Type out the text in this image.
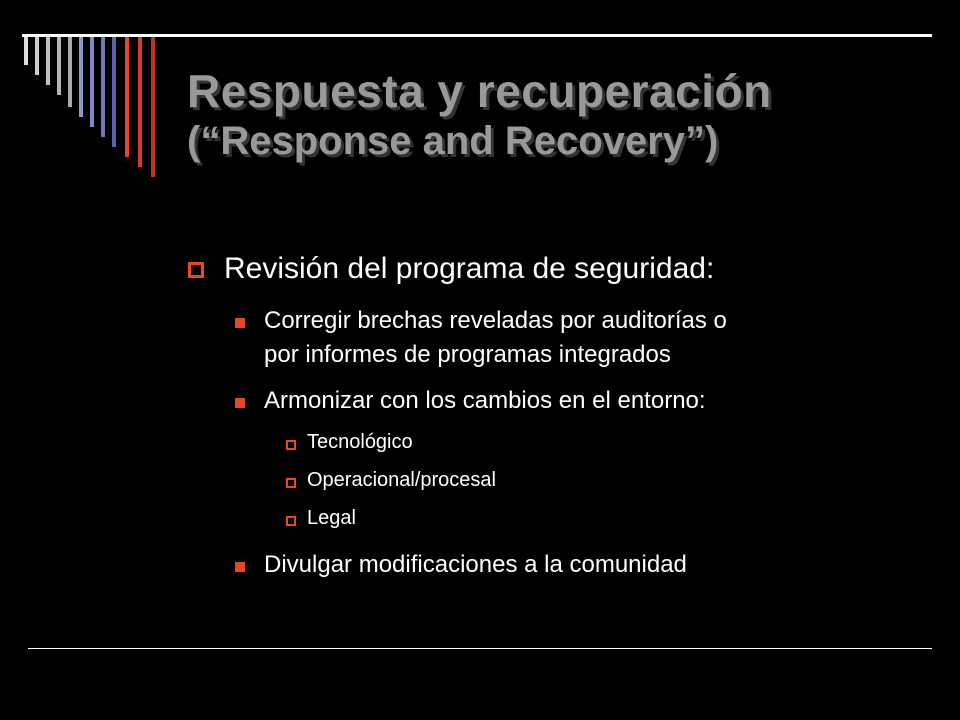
Respuesta y recuperación
(“Response and Recovery”)
Revisión del programa de seguridad:
Corregir brechas reveladas por auditorías o
por informes de programas integrados
Armonizar con los cambios en el entorno:
Tecnológico
Operacional/procesal
Legal
Divulgar modificaciones a la comunidad
